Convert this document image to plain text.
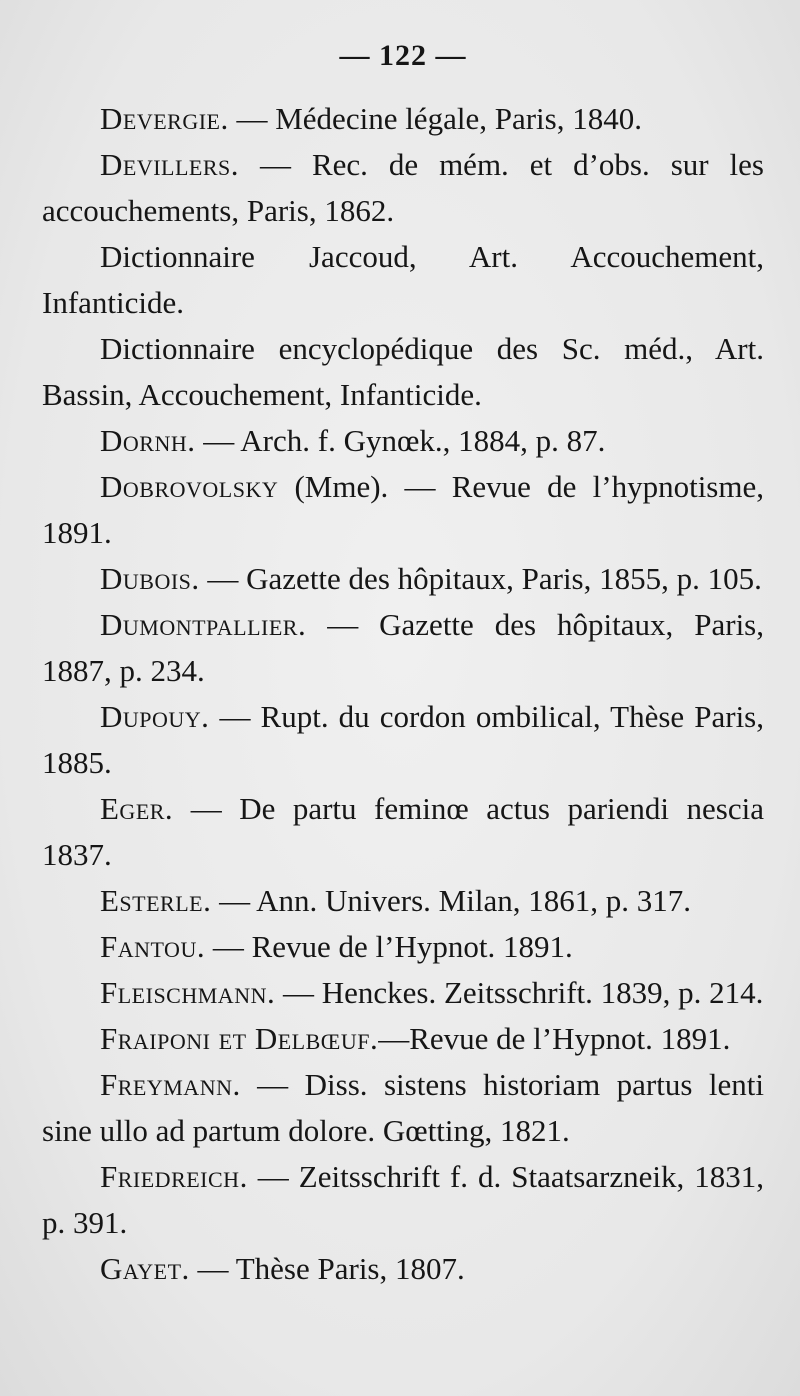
— 122 —

Devergie. — Médecine légale, Paris, 1840.

Devillers. — Rec. de mém. et d’obs. sur les accouchements, Paris, 1862.

Dictionnaire Jaccoud, Art. Accouchement, Infanticide.

Dictionnaire encyclopédique des Sc. méd., Art. Bassin, Accouchement, Infanticide.

Dornh. — Arch. f. Gynœk., 1884, p. 87.

Dobrovolsky (Mme). — Revue de l’hypnotisme, 1891.

Dubois. — Gazette des hôpitaux, Paris, 1855, p. 105.

Dumontpallier. — Gazette des hôpitaux, Paris, 1887, p. 234.

Dupouy. — Rupt. du cordon ombilical, Thèse Paris, 1885.

Eger. — De partu feminœ actus pariendi nescia 1837.

Esterle. — Ann. Univers. Milan, 1861, p. 317.

Fantou. — Revue de l’Hypnot. 1891.

Fleischmann. — Henckes. Zeitsschrift. 1839, p. 214.

Fraiponi et Delbœuf.—Revue de l’Hypnot. 1891.

Freymann. — Diss. sistens historiam partus lenti sine ullo ad partum dolore. Gœtting, 1821.

Friedreich. — Zeitsschrift f. d. Staatsarzneik, 1831, p. 391.

Gayet. — Thèse Paris, 1807.
